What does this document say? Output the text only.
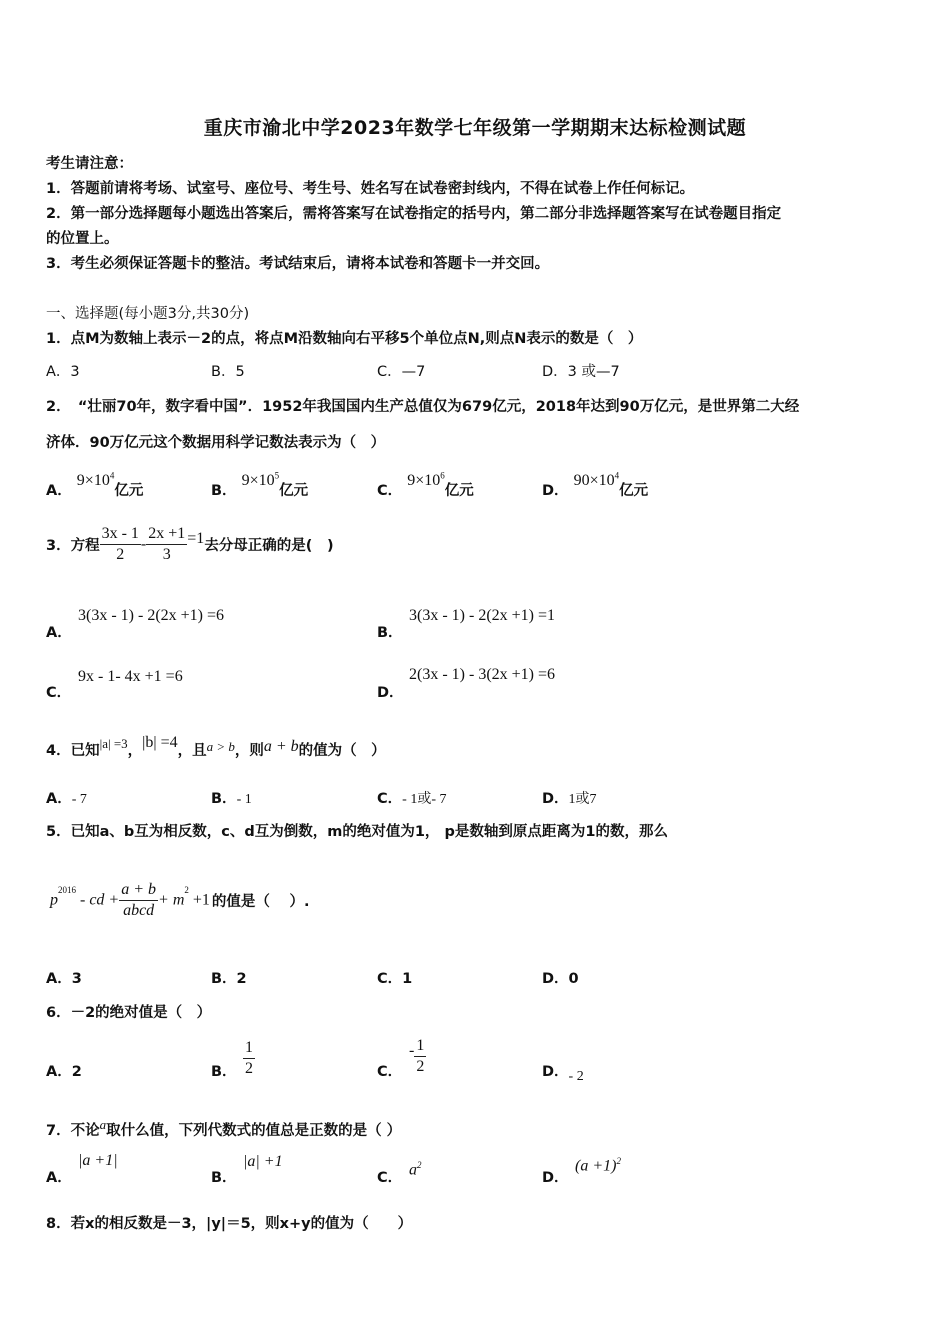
重庆市渝北中学2023年数学七年级第一学期期末达标检测试题
考生请注意：
1．答题前请将考场、试室号、座位号、考生号、姓名写在试卷密封线内，不得在试卷上作任何标记。
2．第一部分选择题每小题选出答案后，需将答案写在试卷指定的括号内，第二部分非选择题答案写在试卷题目指定
的位置上。
3．考生必须保证答题卡的整洁。考试结束后，请将本试卷和答题卡一并交回。
一、选择题(每小题3分,共30分)
1．点M为数轴上表示－2的点，将点M沿数轴向右平移5个单位点N,则点N表示的数是（　）
A．3	B．5	C．—7	D．3 或—7
2．　“壮丽70年，数字看中国”．1952年我国国内生产总值仅为679亿元，2018年达到90万亿元，是世界第二大经
济体．90万亿元这个数据用科学记数法表示为（　）
A． $9\times 10^4$亿元	B． $9\times 10^5$亿元	C． $9\times 10^6$亿元	D． $90\times 10^4$亿元
3．方程 $\frac{3x - 1}{2} - \frac{2x +1}{3} =1$去分母正确的是(　)
A．
3(3x - 1) - 2(2x +1) =6
B．
3(3x - 1) - 2(2x +1) =1
C．
9x - 1- 4x +1 =6
D．
2(3x - 1) - 3(2x +1) =6
4．已知|a| =3，|b| =4，且a > b，则a + b的值为（　）
A．- 7	B．- 1	C．- 1或- 7	D．1或7
5．已知a、b互为相反数，c、d互为倒数，m的绝对值为1， p是数轴到原点距离为1的数，那么
$p^{2016}$ - cd + $\frac{a + b}{\text{abcd}} + m^2 +1$ 的值是（　 ）.
A．3	B．2	C．1	D．0
6．－2的绝对值是（　）
A．2	B． $\frac{1}{2}$	C．
- $\frac{1}{2}$	D．- 2
7．不论a取什么值，下列代数式的值总是正数的是（ ）
A．
|a +1|
B．
|a| +1
C． $a^2$
D．
$(a +1)^2$
8．若x的相反数是－3，|y|＝5，则x+y的值为（　　）
